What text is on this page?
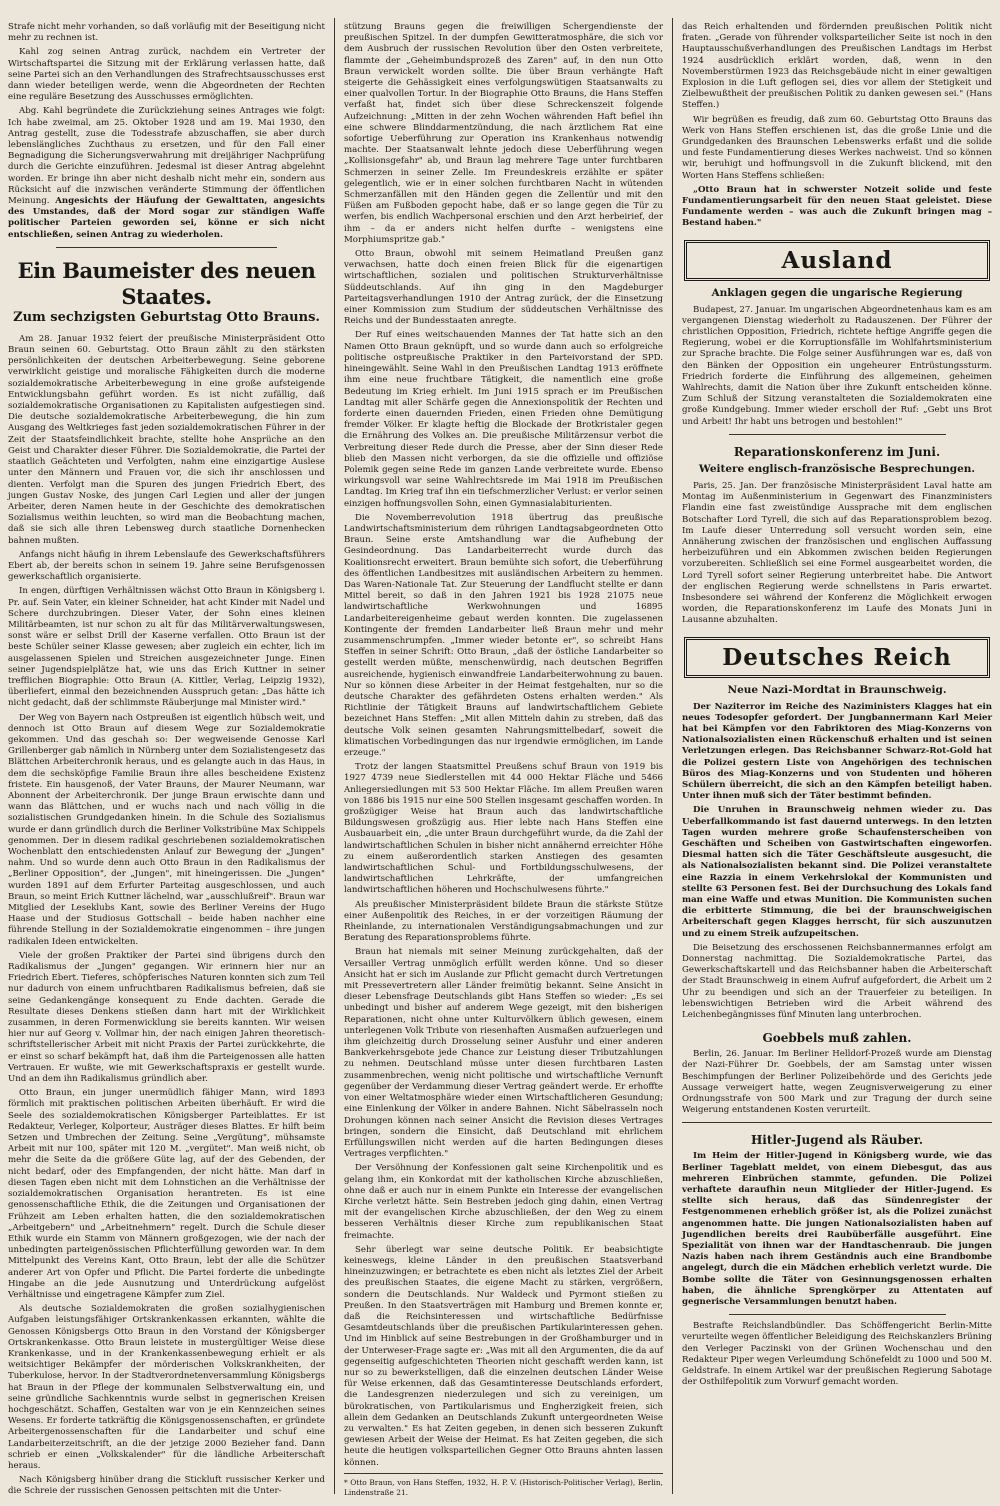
Strafe nicht mehr vorhanden, so daß vorläufig mit der Beseitigung nicht mehr zu rechnen ist.

Kahl zog seinen Antrag zurück, nachdem ein Vertreter der Wirtschaftspartei die Sitzung mit der Erklärung verlassen hatte, daß seine Partei sich an den Verhandlungen des Strafrechtsausschusses erst dann wieder beteiligen werde, wenn die Abgeordneten der Rechten eine reguläre Besetzung des Ausschusses ermöglichten.

Abg. Kahl begründete die Zurückziehung seines Antrages wie folgt: Ich habe zweimal, am 25. Oktober 1928 und am 19. Mai 1930, den Antrag gestellt, zuse die Todesstrafe abzuschaffen, sie aber durch lebenslängliches Zuchthaus zu ersetzen, und für den Fall einer Begnadigung die Sicherungsverwahrung mit dreijähriger Nachprüfung durch die Gerichte einzuführen. Jedesmal ist dieser Antrag abgelehnt worden. Er bringe ihn aber nicht deshalb nicht mehr ein, sondern aus Rücksicht auf die inzwischen veränderte Stimmung der öffentlichen Meinung. Angesichts der Häufung der Gewalttaten, angesichts des Umstandes, daß der Mord sogar zur ständigen Waffe politischer Parteien geworden sei, könne er sich nicht entschließen, seinen Antrag zu wiederholen.

Ein Baumeister des neuen Staates.
Zum sechzigsten Geburtstag Otto Brauns.

Am 28. Januar 1932 feiert der preußische Ministerpräsident Otto Braun seinen 60. Geburtstag. Otto Braun zählt zu den stärksten persönlichkeiten der deutschen Arbeiterbewegung. Seine geborene verwirklicht geistige und moralische Fähigkeiten durch die moderne sozialdemokratische Arbeiterbewegung in eine große aufsteigende Entwicklungsbahn geführt worden. Es ist nicht zufällig, daß sozialdemokratische Organisationen zu Kapitalisten aufgestiegen sind. Die deutsche sozialdemokratische Arbeiterbewegung, die hin zum Ausgang des Weltkrieges fast jeden sozialdemokratischen Führer in der Zeit der Staatsfeindlichkeit brachte, stellte hohe Ansprüche an den Geist und Charakter dieser Führer. Die Sozialdemokratie, die Partei der staatlich Geächteten und Verfolgten, nahm eine einzigartige Auslese unter den Männern und Frauen vor, die sich ihr anschlossen und dienten. Verfolgt man die Spuren des jungen Friedrich Ebert, des jungen Gustav Noske, des jungen Carl Legien und aller der jungen Arbeiter, deren Namen heute in der Geschichte des demokratischen Sozialismus weithin leuchten, so wird man die Beobachtung machen, daß sie sich alle ihren Lebensweg durch staatliche Dornenhecken bahnen mußten.

Anfangs nicht häufig in ihrem Lebenslaufe des Gewerkschaftsführers Ebert ab, der bereits schon in seinem 19. Jahre seine Berufsgenossen gewerkschaftlich organisierte.

In engen, dürftigen Verhältnissen wächst Otto Braun in Königsberg i. Pr. auf. Sein Vater, ein kleiner Schneider, hat acht Kinder mit Nadel und Schere durchzubringen. Dieser Vater, der Sohn eines kleinen Militärbeamten, ist nur schon zu alt für das Militärverwaltungswesen, sonst wäre er selbst Drill der Kaserne verfallen. Otto Braun ist der beste Schüler seiner Klasse gewesen; aber zugleich ein echter, lich im ausgelassenen Spielen und Streichen ausgezeichneter Junge. Einen seiner Jugendspielplätze hat, wie uns das Erich Kuttner in seiner trefflichen Biographie: Otto Braun (A. Kittler, Verlag, Leipzig 1932), überliefert, einmal den bezeichnenden Ausspruch getan: „Das hätte ich nicht gedacht, daß der schlimmste Räuberjunge mal Minister wird."

Der Weg von Bayern nach Ostpreußen ist eigentlich hübsch weit, und dennoch ist Otto Braun auf diesem Wege zur Sozialdemokratie gekommen. Und das geschah so: Der wegweisende Genosse Karl Grillenberger gab nämlich in Nürnberg unter dem Sozialistengesetz das Blättchen Arbeiterchronik heraus, und es gelangte auch in das Haus, in dem die sechsköpfige Familie Braun ihre alles bescheidene Existenz fristete. Ein hausgenoß, der Vater Brauns, der Maurer Neumann, war Abonnent der Arbeiterchronik. Der junge Braun erwischte dann und wann das Blättchen, und er wuchs nach und nach völlig in die sozialistischen Grundgedanken hinein. In die Schule des Sozialismus wurde er dann gründlich durch die Berliner Volkstribüne Max Schippels genommen. Der in diesem radikal geschriebenen sozialdemokratischen Wochenblatt den entschiedensten Anlauf zur Bewegung der „Jungen" nahm. Und so wurde denn auch Otto Braun in den Radikalismus der „Berliner Opposition", der „Jungen", mit hineingerissen. Die „Jungen" wurden 1891 auf dem Erfurter Parteitag ausgeschlossen, und auch Braun, so meint Erich Kuttner lächelnd, war „ausschlußreif". Braun war Mitglied der Leseklubs Kant, sowie des Berliner Vereins der Hugo Haase und der Studiosus Gottschall – beide haben nachher eine führende Stellung in der Sozialdemokratie eingenommen – ihre jungen radikalen Ideen entwickelten.

Viele der großen Praktiker der Partei sind übrigens durch den Radikalismus der „Jungen" gegangen. Wir erinnern hier nur an Friedrich Ebert. Tieferes, schöpferisches Naturen konnten sich zum Teil nur dadurch von einem unfruchtbaren Radikalismus befreien, daß sie seine Gedankengänge konsequent zu Ende dachten. Gerade die Resultate dieses Denkens stießen dann hart mit der Wirklichkeit zusammen, in deren Formenwicklung sie bereits kannten. Wir weisen hier nur auf Georg v. Vollmar hin, der nach einigen Jahren theoretisch-schriftstellerischer Arbeit mit nicht Praxis der Partei zurückkehrte, die er einst so scharf bekämpft hat, daß ihm die Parteigenossen alle hatten Vertrauen. Er wußte, wie mit Gewerkschaftspraxis er gestellt wurde. Und an dem ihn Radikalismus gründlich aber.

Otto Braun, ein junger unermüdlich fähiger Mann, wird 1893 förmlich mit praktischen politischen Arbeiten überhäuft. Er wird die Seele des sozialdemokratischen Königsberger Parteiblattes. Er ist Redakteur, Verleger, Kolporteur, Austräger dieses Blattes. Er hilft beim Setzen und Umbrechen der Zeitung. Seine „Vergütung", mühsamste Arbeit mit nur 100, später mit 120 M. „vergütet". Man weiß nicht, ob mehr die Seite da die größere Güte lag, auf der des Gebenden, der nicht bedarf, oder des Empfangenden, der nicht hätte. Man darf in diesen Tagen eben nicht mit dem Lohnstichen an die Verhältnisse der sozialdemokratischen Organisation herantreten. Es ist eine genossenschaftliche Ethik, die die Zeitungen und Organisationen der Frühzeit am Leben erhalten hatten, die den sozialdemokratischen „Arbeitgebern" und „Arbeitnehmern" regelt. Durch die Schule dieser Ethik wurde ein Stamm von Männern großgezogen, wie der nach der unbedingten parteigenössischen Pflichterfüllung geworden war. In dem Mittelpunkt des Vereins Kant, Otto Braun, lebt der alle die Schützer anderer Art von Opfer und Pflicht. Die Partei forderte die unbedingte Hingabe an die jede Ausnutzung und Unterdrückung aufgelöst Verhältnisse und eingetragene Kämpfer zum Ziel.

Als deutsche Sozialdemokraten die großen sozialhygienischen Aufgaben leistungsfähiger Ortskrankenkassen erkannten, wählte die Genossen Königsbergs Otto Braun in den Vorstand der Königsberger Ortskrankenkasse. Otto Braun leistete in mustergültiger Weise diese Krankenkasse, und in der Krankenkassenbewegung erhielt er als weitsichtiger Bekämpfer der mörderischen Volkskrankheiten, der Tuberkulose, hervor. In der Stadtverordnetenversammlung Königsbergs hat Braun in der Pflege der kommunalen Selbstverwaltung ein, und seine gründliche Sachkenntnis wurde selbst in gegnerischen Kreisen hochgeschätzt. Schaffen, Gestalten war von je ein Kennzeichen seines Wesens. Er forderte tatkräftig die Königsgenossenschaften, er gründete Arbeitergenossenschaften für die Landarbeiter und schuf eine Landarbeiterzeitschrift, an die der jetzige 2000 Bezieher fand. Dann schrieb er einen „Volkskalender" für die ländliche Arbeiterschaft heraus.

Nach Königsberg hinüber drang die Stickluft russischer Kerker und die Schreie der russischen Genossen peitschten mit die Unter-

stützung Brauns gegen die freiwilligen Schergendienste der preußischen Spitzel. In der dumpfen Gewitteratmosphäre, die sich vor dem Ausbruch der russischen Revolution über den Osten verbreitete, flammte der „Geheimbundsprozeß des Zaren" auf, in den nun Otto Braun verwickelt worden sollte. Die über Braun verhängte Haft steigerte die Gehässigkeit eines verfolgungswütigen Staatsanwalts zu einer qualvollen Tortur. In der Biographie Otto Brauns, die Hans Steffen verfaßt hat, findet sich über diese Schreckenszeit folgende Aufzeichnung: „Mitten in der zehn Wochen währenden Haft befiel ihn eine schwere Blinddarmentzündung, die nach ärztlichem Rat eine sofortige Ueberführung zur Operation ins Krankenhaus notwendig machte. Der Staatsanwalt lehnte jedoch diese Ueberführung wegen „Kollisionsgefahr" ab, und Braun lag mehrere Tage unter furchtbaren Schmerzen in seiner Zelle. Im Freundeskreis erzählte er später gelegentlich, wie er in einer solchen furchtbaren Nacht in wütenden Schmerzanfällen mit den Händen gegen die Zellentür und mit den Füßen am Fußboden gepocht habe, daß er so lange gegen die Tür zu werfen, bis endlich Wachpersonal erschien und den Arzt herbeirief, der ihm – da er anders nicht helfen durfte – wenigstens eine Morphiumspritze gab."

Otto Braun, obwohl mit seinem Heimatland Preußen ganz verwachsen, hatte doch einen freien Blick für die eigenartigen wirtschaftlichen, sozialen und politischen Strukturverhältnisse Süddeutschlands. Auf ihn ging in den Magdeburger Parteitagsverhandlungen 1910 der Antrag zurück, der die Einsetzung einer Kommission zum Studium der süddeutschen Verhältnisse des Reichs und der Bundesstaaten anregte.

Der Ruf eines weitschauenden Mannes der Tat hatte sich an den Namen Otto Braun geknüpft, und so wurde dann auch so erfolgreiche politische ostpreußische Praktiker in den Parteivorstand der SPD. hineingewählt. Seine Wahl in den Preußischen Landtag 1913 eröffnete ihm eine neue fruchtbare Tätigkeit, die namentlich eine große Bedeutung im Krieg erhielt. Im Juni 1915 sprach er im Preußischen Landtag mit aller Schärfe gegen die Annexionspolitik der Rechten und forderte einen dauernden Frieden, einen Frieden ohne Demütigung fremder Völker. Er klagte heftig die Blockade der Brotkristaler gegen die Ernährung des Volkes an. Die preußische Militärzensur verbot die Verbreitung dieser Rede durch die Presse, aber der Sinn dieser Rede blieb den Massen nicht verborgen, da sie die offizielle und offiziöse Polemik gegen seine Rede im ganzen Lande verbreitete wurde. Ebenso wirkungsvoll war seine Wahlrechtsrede im Mai 1918 im Preußischen Landtag. Im Krieg traf ihn ein tiefschmerzlicher Verlust: er verlor seinen einzigen hoffnungsvollen Sohn, einen Gymnasialabiturienten.

Die Novemberrevolution 1918 übertrug das preußische Landwirtschaftsministerium dem rührigen Landtagsabgeordneten Otto Braun. Seine erste Amtshandlung war die Aufhebung der Gesindeordnung. Das Landarbeiterrecht wurde durch das Koalitionsrecht erweitert. Braun bemühte sich sofort, die Ueberführung des öffentlichen Landbesitzes mit ausländischen Arbeitern zu hemmen. Das Waren-Nationale Tat. Zur Steuerung der Landflucht stellte er dann Mittel bereit, so daß in den Jahren 1921 bis 1928 21075 neue landwirtschaftliche Werkwohnungen und 16895 Landarbeitereigenheime gebaut werden konnten. Die zugelassenen Kontingente der fremden Landarbeiter ließ Braun mehr und mehr zusammenschrumpfen. „Immer wieder betonte er", so schreibt Hans Steffen in seiner Schrift: Otto Braun, „daß der östliche Landarbeiter so gestellt werden müßte, menschenwürdig, nach deutschen Begriffen ausreichende, hygienisch einwandfreie Landarbeiterwohnung zu bauen. Nur so können diese Arbeiter in der Heimat festgehalten, nur so die deutsche Charakter des gefährdeten Ostens erhalten werden." Als Richtlinie der Tätigkeit Brauns auf landwirtschaftlichem Gebiete bezeichnet Hans Steffen: „Mit allen Mitteln dahin zu streben, daß das deutsche Volk seinen gesamten Nahrungsmittelbedarf, soweit die klimatischen Vorbedingungen das nur irgendwie ermöglichen, im Lande erzeuge."

Trotz der langen Staatsmittel Preußens schuf Braun von 1919 bis 1927 4739 neue Siedlerstellen mit 44 000 Hektar Fläche und 5466 Anliegersiedlungen mit 53 500 Hektar Fläche. Im allem Preußen waren von 1886 bis 1915 nur eine 500 Stellen insgesamt geschaffen worden. In großzügiger Weise hat Braun auch das landwirtschaftliche Bildungswesen großzügig aus. Hier lebte nach Hans Steffen eine Ausbauarbeit ein, „die unter Braun durchgeführt wurde, da die Zahl der landwirtschaftlichen Schulen in bisher nicht annähernd erreichter Höhe zu einem außerordentlich starken Anstiegen des gesamten landwirtschaftlichen Schul- und Fortbildungsschulwesens, der landwirtschaftlichen Lehrkräfte, der umfangreichen landwirtschaftlichen höheren und Hochschulwesens führte."

Als preußischer Ministerpräsident bildete Braun die stärkste Stütze einer Außenpolitik des Reiches, in er der vorzeitigen Räumung der Rheinlande, zu internationalen Verständigungsabmachungen und zur Beratung des Reparationsproblems führte.

Braun hat niemals mit seiner Meinung zurückgehalten, daß der Versailler Vertrag unmöglich erfüllt werden könne. Und so dieser Ansicht hat er sich im Auslande zur Pflicht gemacht durch Vertretungen mit Pressevertretern aller Länder freimütig bekannt. Seine Ansicht in dieser Lebensfrage Deutschlands gibt Hans Steffen so wieder: „Es sei unbedingt und bisher auf anderem Wege gezeigt, mit den bisherigen Reparationen, nicht ohne unter Kulturvölkern üblich gewesen, einem unterlegenen Volk Tribute von riesenhaften Ausmaßen aufzuerlegen und ihm gleichzeitig durch Drosselung seiner Ausfuhr und einer anderen Bankverkehrsgebote jede Chance zur Leistung dieser Tributzahlungen zu nehmen. Deutschland müsse unter diesen furchtbaren Lasten zusammenbrechen, wenig nicht politische und wirtschaftliche Vernunft gegenüber der Verdammung dieser Vertrag geändert werde. Er erhoffte von einer Weltatmosphäre wieder einen Wirtschaftlicheren Gesundung; eine Einlenkung der Völker in andere Bahnen. Nicht Säbelrasseln noch Drohungen können nach seiner Ansicht die Revision dieses Vertrages bringen, sondern die Einsicht, daß Deutschland mit ehrlichem Erfüllungswillen nicht werden auf die harten Bedingungen dieses Vertrages verpflichten."

Der Versöhnung der Konfessionen galt seine Kirchenpolitik und es gelang ihm, ein Konkordat mit der katholischen Kirche abzuschließen, ohne daß er auch nur in einem Punkte ein Interesse der evangelischen Kirche verletzt hätte. Sein Bestreben jedoch ging dahin, einen Vertrag mit der evangelischen Kirche abzuschließen, der den Weg zu einem besseren Verhältnis dieser Kirche zum republikanischen Staat freimachte.

Sehr überlegt war seine deutsche Politik. Er beabsichtigte keineswegs, kleine Länder in den preußischen Staatsverband hineinzuzwingen; er betrachtete es eben nicht als letztes Ziel der Arbeit des preußischen Staates, die eigene Macht zu stärken, vergrößern, sondern die Deutschlands. Nur Waldeck und Pyrmont stießen zu Preußen. In den Staatsverträgen mit Hamburg und Bremen konnte er, daß die Reichsinteressen und wirtschaftliche Bedürfnisse Gesamtdeutschlands über die preußischen Partikularinteressen gehen. Und im Hinblick auf seine Bestrebungen in der Großhamburger und in der Unterweser-Frage sagte er: „Was mit all den Argumenten, die da auf gegenseitig aufgeschichteten Theorien nicht geschafft werden kann, ist nur so zu bewerkstelligen, daß die einzelnen deutschen Länder Weise für Weise erkennen, daß das Gesamtinteresse Deutschlands erfordert, die Landesgrenzen niederzulegen und sich zu vereinigen, um bürokratischen, von Partikularismus und Engherzigkeit freien, sich allein dem Gedanken an Deutschlands Zukunft untergeordneten Weise zu verwalten." Es hat Zeiten gegeben, in denen sich besseren Zukunft gewiesen Arbeit der Weise der Heimat. Es hat Zeiten gegeben, die sich heute die heutigen volksparteilichen Gegner Otto Brauns ahnten lassen können.

* Otto Braun, von Hans Steffen, 1932, H. P. V. (Historisch-Politischer Verlag), Berlin, Lindenstraße 21.

das Reich erhaltenden und fördernden preußischen Politik nicht fraten. „Gerade von führender volksparteilicher Seite ist noch in den Hauptausschußverhandlungen des Preußischen Landtags im Herbst 1924 ausdrücklich erklärt worden, daß, wenn in den Novemberstürmen 1923 das Reichsgebäude nicht in einer gewaltigen Explosion in die Luft geflogen sei, dies vor allem der Stetigkeit und Zielbewußtheit der preußischen Politik zu danken gewesen sei." (Hans Steffen.)

Wir begrüßen es freudig, daß zum 60. Geburtstag Otto Brauns das Werk von Hans Steffen erschienen ist, das die große Linie und die Grundgedanken des Braunschen Lebenswerks erfaßt und die solide und feste Fundamentierung dieses Werkes nachweist. Und so können wir, beruhigt und hoffnungsvoll in die Zukunft blickend, mit den Worten Hans Steffens schließen:

„Otto Braun hat in schwerster Notzeit solide und feste Fundamentierungsarbeit für den neuen Staat geleistet. Diese Fundamente werden – was auch die Zukunft bringen mag – Bestand haben."

Ausland
Anklagen gegen die ungarische Regierung

Budapest, 27. Januar. Im ungarischen Abgeordnetenhaus kam es am vergangenen Dienstag wiederholt zu Radauszenen. Der Führer der christlichen Opposition, Friedrich, richtete heftige Angriffe gegen die Regierung, wobei er die Korruptionsfälle im Wohlfahrtsministerium zur Sprache brachte. Die Folge seiner Ausführungen war es, daß von den Bänken der Opposition ein ungeheurer Entrüstungssturm. Friedrich forderte die Einführung des allgemeinen, geheimen Wahlrechts, damit die Nation über ihre Zukunft entscheiden könne. Zum Schluß der Sitzung veranstalteten die Sozialdemokraten eine große Kundgebung. Immer wieder erscholl der Ruf: „Gebt uns Brot und Arbeit! Ihr habt uns betrogen und bestohlen!"

Reparationskonferenz im Juni.
Weitere englisch-französische Besprechungen.

Paris, 25. Jan. Der französische Ministerpräsident Laval hatte am Montag im Außenministerium in Gegenwart des Finanzministers Flandin eine fast zweistündige Aussprache mit dem englischen Botschafter Lord Tyrell, die sich auf das Reparationsproblem bezog. Im Laufe dieser Unterredung soll versucht worden sein, eine Annäherung zwischen der französischen und englischen Auffassung herbeizuführen und ein Abkommen zwischen beiden Regierungen vorzubereiten. Schließlich sei eine Formel ausgearbeitet worden, die Lord Tyrell sofort seiner Regierung unterbreitet habe. Die Antwort der englischen Regierung werde schnellstens in Paris erwartet. Insbesondere sei während der Konferenz die Möglichkeit erwogen worden, die Reparationskonferenz im Laufe des Monats Juni in Lausanne abzuhalten.

Deutsches Reich
Neue Nazi-Mordtat in Braunschweig.

Der Naziterror im Reiche des Naziministers Klagges hat ein neues Todesopfer gefordert. Der Jungbannermann Karl Meier hat bei Kämpfen vor den Fabriktoren des Miag-Konzerns von Nationalsozialisten einen Rückenschuß erhalten und ist seinen Verletzungen erlegen. Das Reichsbanner Schwarz-Rot-Gold hat die Polizei gestern Liste von Angehörigen des technischen Büros des Miag-Konzerns und von Studenten und höheren Schülern überreicht, die sich an den Kämpfen beteiligt haben. Unter ihnen muß sich der Täter bestimmt befinden.

Die Unruhen in Braunschweig nehmen wieder zu. Das Ueberfallkommando ist fast dauernd unterwegs. In den letzten Tagen wurden mehrere große Schaufensterscheiben von Geschäften und Scheiben von Gastwirtschaften eingeworfen. Diesmal hatten sich die Täter Geschäftsleute ausgesucht, die als Nationalsozialisten bekannt sind. Die Polizei veranstaltete eine Razzia in einem Verkehrslokal der Kommunisten und stellte 63 Personen fest. Bei der Durchsuchung des Lokals fand man eine Waffe und etwas Munition. Die Kommunisten suchen die erbitterte Stimmung, die bei der braunschweigischen Arbeiterschaft gegen Klagges herrscht, für sich auszunutzen und zu einem Streik aufzupeitschen.

Die Beisetzung des erschossenen Reichsbannermannes erfolgt am Donnerstag nachmittag. Die Sozialdemokratische Partei, das Gewerkschaftskartell und das Reichsbanner haben die Arbeiterschaft der Stadt Braunschweig in einem Aufruf aufgefordert, die Arbeit um 2 Uhr zu beendigen und sich an der Trauerfeier zu beteiligen. In lebenswichtigen Betrieben wird die Arbeit während des Leichenbegängnisses fünf Minuten lang unterbrochen.

Goebbels muß zahlen.

Berlin, 26. Januar. Im Berliner Helldorf-Prozeß wurde am Dienstag der Nazi-Führer Dr. Goebbels, der am Samstag unter wissen Beschimpfungen der Berliner Polizeibehörde und des Gerichts jede Aussage verweigert hatte, wegen Zeugnisverweigerung zu einer Ordnungsstrafe von 500 Mark und zur Tragung der durch seine Weigerung entstandenen Kosten verurteilt.

Hitler-Jugend als Räuber.

Im Heim der Hitler-Jugend in Königsberg wurde, wie das Berliner Tageblatt meldet, von einem Diebesgut, das aus mehreren Einbrüchen stammte, gefunden. Die Polizei verhaftete daraufhin neun Mitglieder der Hitler-Jugend. Es stellte sich heraus, daß das Sündenregister der Festgenommenen erheblich größer ist, als die Polizei zunächst angenommen hatte. Die jungen Nationalsozialisten haben auf Jugendlichen bereits drei Raubüberfälle ausgeführt. Eine Spezialität von ihnen war der Handtaschenraub. Die jungen Nazis haben nach ihrem Geständnis auch eine Brandbombe angelegt, durch die ein Mädchen erheblich verletzt wurde. Die Bombe sollte die Täter von Gesinnungsgenossen erhalten haben, die ähnliche Sprengkörper zu Attentaten auf gegnerische Versammlungen benutzt haben.

Bestrafte Reichslandbündler. Das Schöffengericht Berlin-Mitte verurteilte wegen öffentlicher Beleidigung des Reichskanzlers Brüning den Verleger Paczinski von der Grünen Wochenschau und den Redakteur Piper wegen Verleumdung Schönefeldt zu 1000 und 500 M. Geldstrafe. In einem Artikel war der preußischen Regierung Sabotage der Osthilfepolitik zum Vorwurf gemacht worden.
